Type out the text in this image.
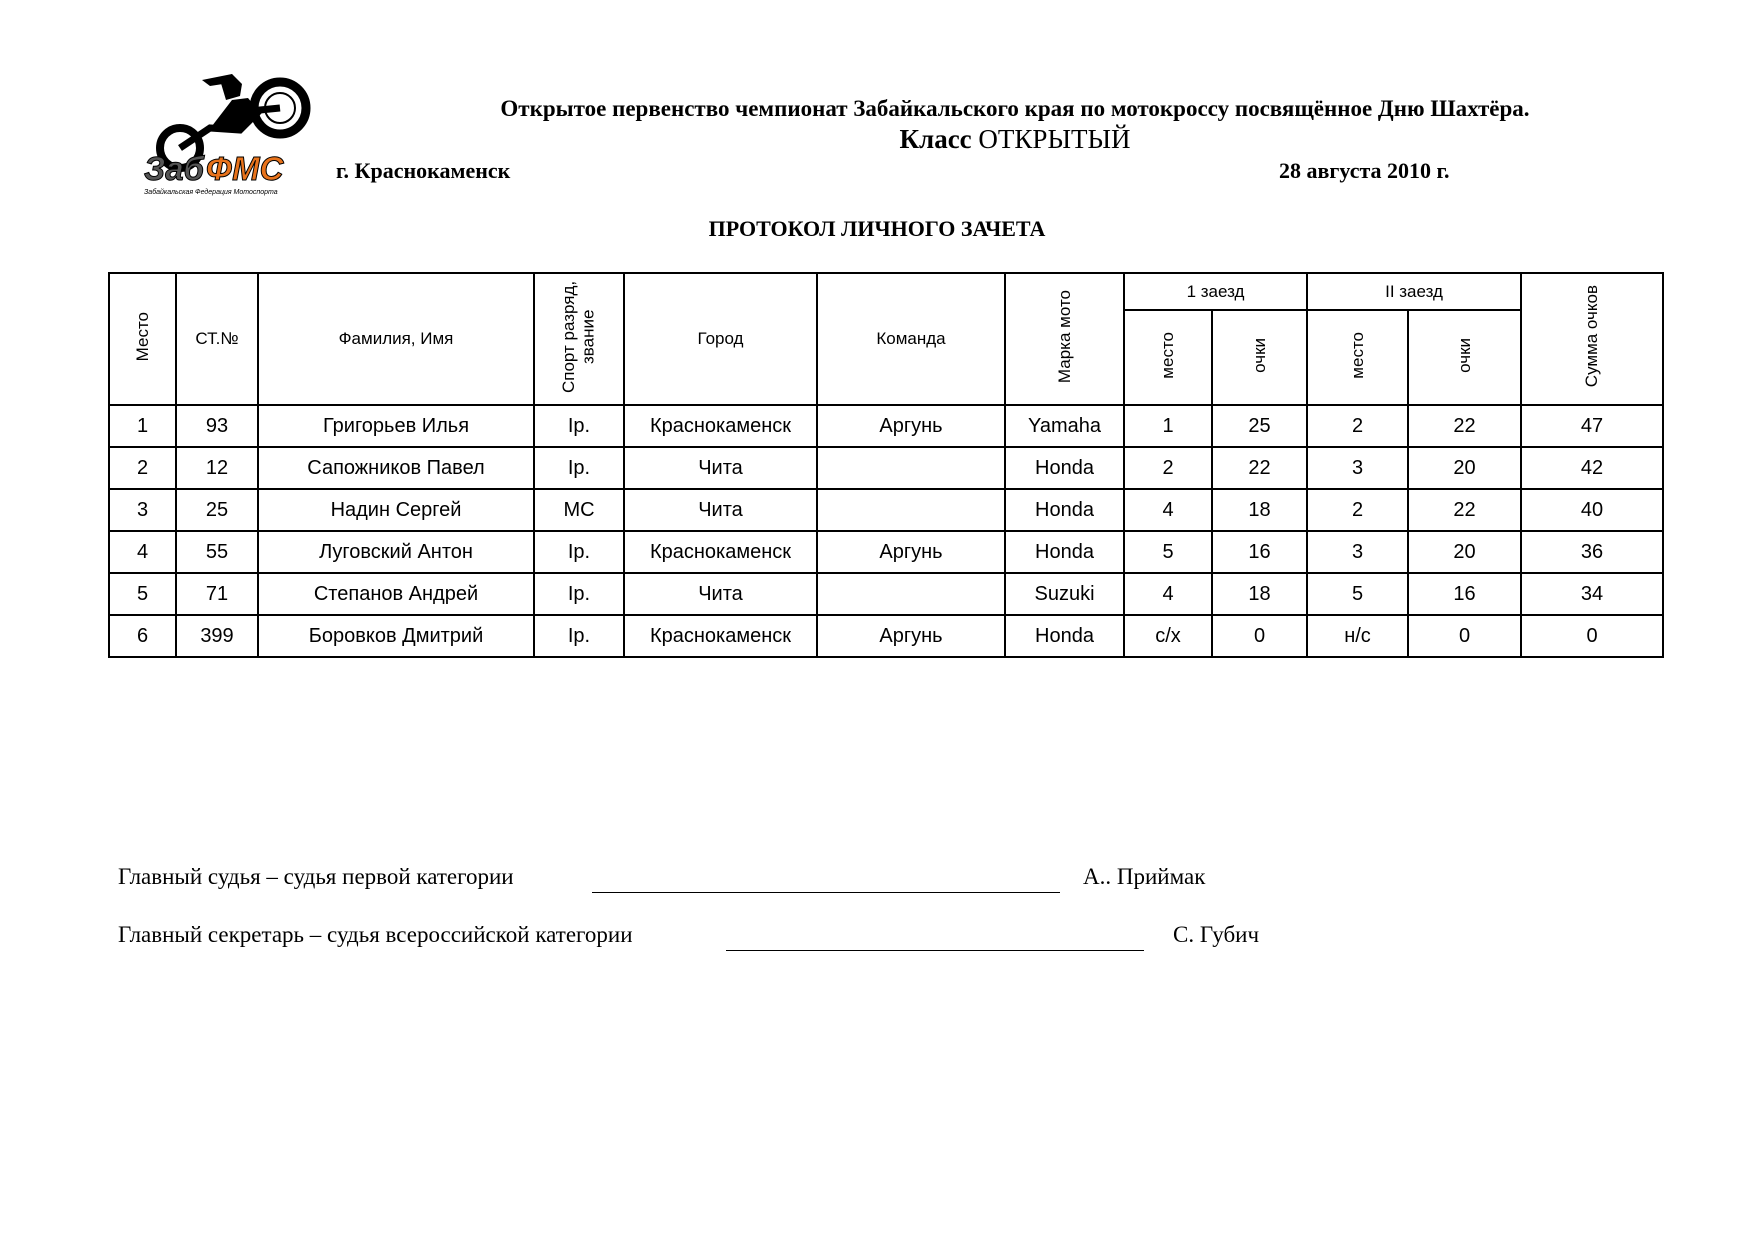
Заб ФМС
Забайкальская Федерация Мотоспорта
Открытое первенство чемпионат Забайкальского края по мотокроссу посвящённое Дню Шахтёра.
Класс ОТКРЫТЫЙ
г. Краснокаменск	28 августа 2010 г.
ПРОТОКОЛ ЛИЧНОГО ЗАЧЕТА
Место	СТ.№	Фамилия, Имя	Спорт разряд, звание	Город	Команда	Марка мото	1 заезд		II заезд		Сумма очков
							место	очки	место	очки	
1	93	Григорьев Илья	Iр.	Краснокаменск	Аргунь	Yamaha	1	25	2	22	47
2	12	Сапожников Павел	Iр.	Чита		Honda	2	22	3	20	42
3	25	Надин Сергей	МС	Чита		Honda	4	18	2	22	40
4	55	Луговский Антон	Iр.	Краснокаменск	Аргунь	Honda	5	16	3	20	36
5	71	Степанов Андрей	Iр.	Чита		Suzuki	4	18	5	16	34
6	399	Боровков Дмитрий	Iр.	Краснокаменск	Аргунь	Honda	с/х	0	н/с	0	0
Главный судья – судья первой категории	А.. Приймак
Главный секретарь – судья всероссийской категории	С. Губич
